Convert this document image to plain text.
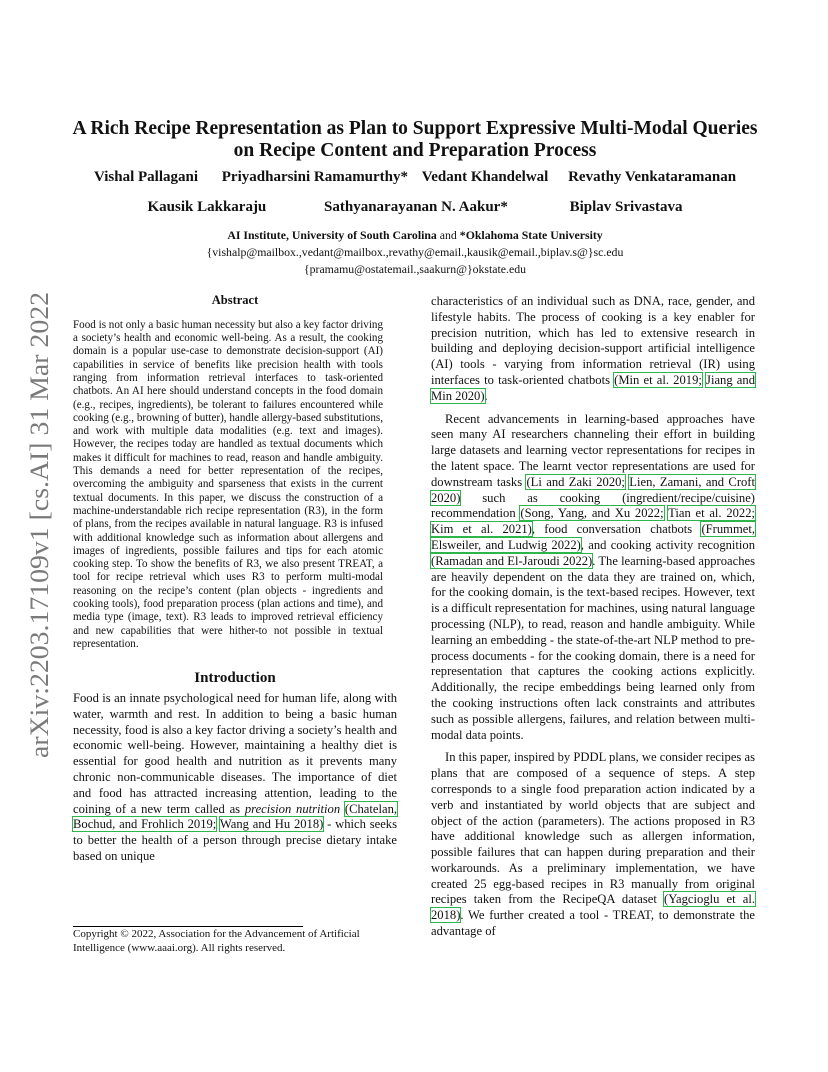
arXiv:2203.17109v1 [cs.AI] 31 Mar 2022
A Rich Recipe Representation as Plan to Support Expressive Multi-Modal Queries on Recipe Content and Preparation Process
Vishal Pallagani Priyadharsini Ramamurthy* Vedant Khandelwal Revathy Venkataramanan
Kausik Lakkaraju	Sathyanarayanan N. Aakur*	Biplav Srivastava
AI Institute, University of South Carolina and *Oklahoma State University
{vishalp@mailbox.,vedant@mailbox.,revathy@email.,kausik@email.,biplav.s@}sc.edu
{pramamu@ostatemail.,saakurn@}okstate.edu
Abstract

Food is not only a basic human necessity but also a key factor driving a society’s health and economic well-being. As a result, the cooking domain is a popular use-case to demonstrate decision-support (AI) capabilities in service of benefits like precision health with tools ranging from information retrieval interfaces to task-oriented chatbots. An AI here should understand concepts in the food domain (e.g., recipes, ingredients), be tolerant to failures encountered while cooking (e.g., browning of butter), handle allergy-based substitutions, and work with multiple data modalities (e.g. text and images). However, the recipes today are handled as textual documents which makes it difficult for machines to read, reason and handle ambiguity. This demands a need for better representation of the recipes, overcoming the ambiguity and sparseness that exists in the current textual documents. In this paper, we discuss the construction of a machine-understandable rich recipe representation (R3), in the form of plans, from the recipes available in natural language. R3 is infused with additional knowledge such as information about allergens and images of ingredients, possible failures and tips for each atomic cooking step. To show the benefits of R3, we also present TREAT, a tool for recipe retrieval which uses R3 to perform multi-modal reasoning on the recipe’s content (plan objects - ingredients and cooking tools), food preparation process (plan actions and time), and media type (image, text). R3 leads to improved retrieval efficiency and new capabilities that were hither-to not possible in textual representation.

Introduction

Food is an innate psychological need for human life, along with water, warmth and rest. In addition to being a basic human necessity, food is also a key factor driving a society’s health and economic well-being. However, maintaining a healthy diet is essential for good health and nutrition as it prevents many chronic non-communicable diseases. The importance of diet and food has attracted increasing attention, leading to the coining of a new term called as precision nutrition (Chatelan, Bochud, and Frohlich 2019; Wang and Hu 2018) - which seeks to better the health of a person through precise dietary intake based on unique

Copyright © 2022, Association for the Advancement of Artificial Intelligence (www.aaai.org). All rights reserved.

characteristics of an individual such as DNA, race, gender, and lifestyle habits. The process of cooking is a key enabler for precision nutrition, which has led to extensive research in building and deploying decision-support artificial intelligence (AI) tools - varying from information retrieval (IR) using interfaces to task-oriented chatbots (Min et al. 2019; Jiang and Min 2020).

Recent advancements in learning-based approaches have seen many AI researchers channeling their effort in building large datasets and learning vector representations for recipes in the latent space. The learnt vector representations are used for downstream tasks (Li and Zaki 2020; Lien, Zamani, and Croft 2020) such as cooking (ingredient/recipe/cuisine) recommendation (Song, Yang, and Xu 2022; Tian et al. 2022; Kim et al. 2021), food conversation chatbots (Frummet, Elsweiler, and Ludwig 2022), and cooking activity recognition (Ramadan and El-Jaroudi 2022). The learning-based approaches are heavily dependent on the data they are trained on, which, for the cooking domain, is the text-based recipes. However, text is a difficult representation for machines, using natural language processing (NLP), to read, reason and handle ambiguity. While learning an embedding - the state-of-the-art NLP method to pre-process documents - for the cooking domain, there is a need for representation that captures the cooking actions explicitly. Additionally, the recipe embeddings being learned only from the cooking instructions often lack constraints and attributes such as possible allergens, failures, and relation between multi-modal data points.

In this paper, inspired by PDDL plans, we consider recipes as plans that are composed of a sequence of steps. A step corresponds to a single food preparation action indicated by a verb and instantiated by world objects that are subject and object of the action (parameters). The actions proposed in R3 have additional knowledge such as allergen information, possible failures that can happen during preparation and their workarounds. As a preliminary implementation, we have created 25 egg-based recipes in R3 manually from original recipes taken from the RecipeQA dataset (Yagcioglu et al. 2018). We further created a tool - TREAT, to demonstrate the advantage of
